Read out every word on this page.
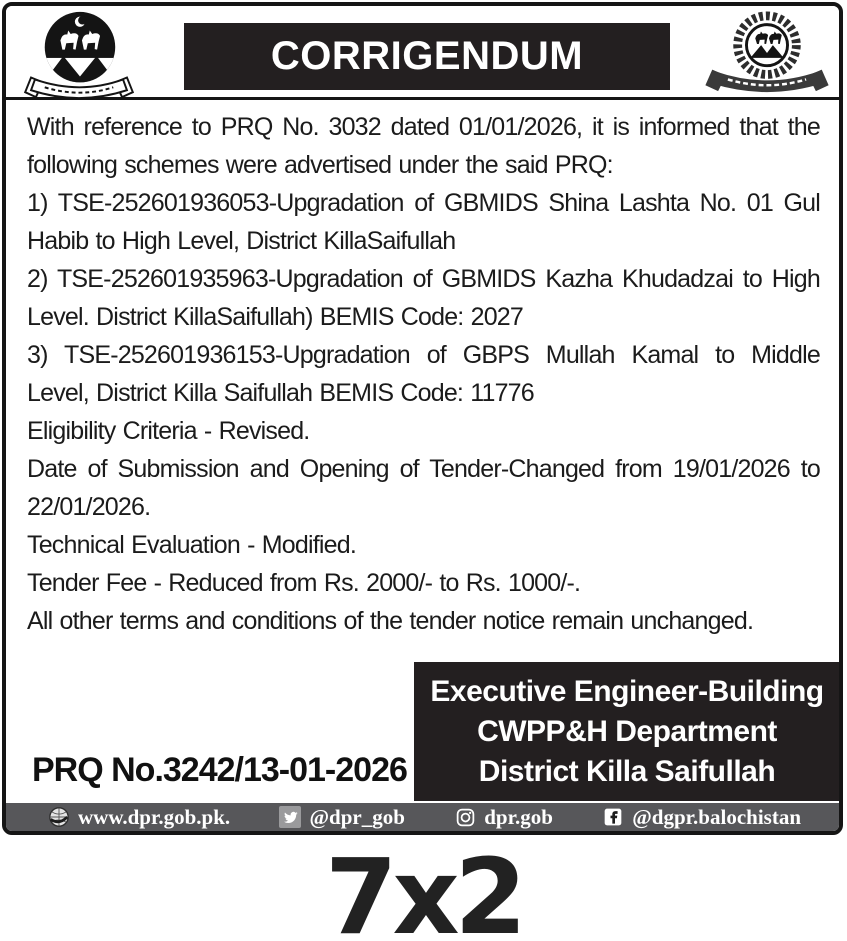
CORRIGENDUM

With reference to PRQ No. 3032 dated 01/01/2026, it is informed that the following schemes were advertised under the said PRQ:

1) TSE-252601936053-Upgradation of GBMIDS Shina Lashta No. 01 Gul Habib to High Level, District KillaSaifullah

2) TSE-252601935963-Upgradation of GBMIDS Kazha Khudadzai to High Level. District KillaSaifullah) BEMIS Code: 2027

3) TSE-252601936153-Upgradation of GBPS Mullah Kamal to Middle Level, District Killa Saifullah BEMIS Code: 11776

Eligibility Criteria - Revised.

Date of Submission and Opening of Tender-Changed from 19/01/2026 to 22/01/2026.

Technical Evaluation - Modified.

Tender Fee - Reduced from Rs. 2000/- to Rs. 1000/-.

All other terms and conditions of the tender notice remain unchanged.

Executive Engineer-Building
CWPP&H Department
District Killa Saifullah
PRQ No.3242/13-01-2026
www.dpr.gob.pk.	@dpr_gob	dpr.gob	@dgpr.balochistan
7x2
